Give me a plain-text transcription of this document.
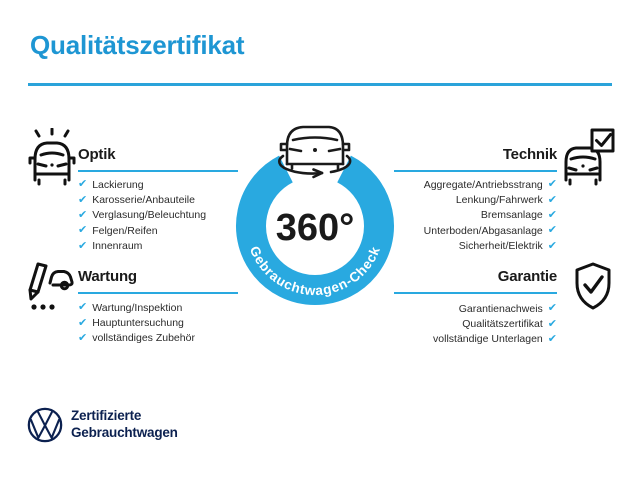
Qualitätszertifikat
Gebrauchtwagen-Check
360°
Optik
✔ Lackierung
✔ Karosserie/Anbauteile
✔ Verglasung/Beleuchtung
✔ Felgen/Reifen
✔ Innenraum
Technik
Aggregate/Antriebsstrang ✔
Lenkung/Fahrwerk ✔
Bremsanlage ✔
Unterboden/Abgasanlage ✔
Sicherheit/Elektrik ✔
Wartung
✔ Wartung/Inspektion
✔ Hauptuntersuchung
✔ vollständiges Zubehör
Garantie
Garantienachweis ✔
Qualitätszertifikat ✔
vollständige Unterlagen ✔
Zertifizierte
Gebrauchtwagen
